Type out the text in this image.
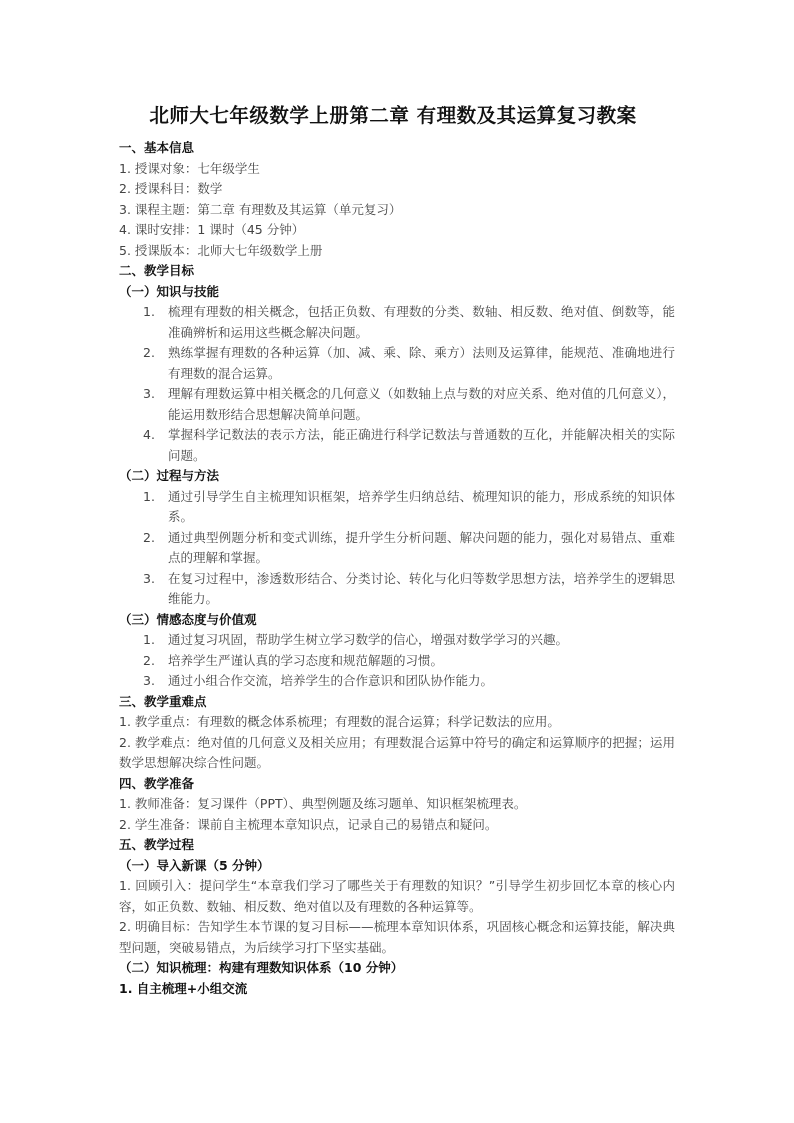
北师大七年级数学上册第二章 有理数及其运算复习教案
一、基本信息
1. 授课对象：七年级学生
2. 授课科目：数学
3. 课程主题：第二章 有理数及其运算（单元复习）
4. 课时安排：1 课时（45 分钟）
5. 授课版本：北师大七年级数学上册
二、教学目标
（一）知识与技能
1.	梳理有理数的相关概念，包括正负数、有理数的分类、数轴、相反数、绝对值、倒数等，能准确辨析和运用这些概念解决问题。
2.	熟练掌握有理数的各种运算（加、减、乘、除、乘方）法则及运算律，能规范、准确地进行有理数的混合运算。
3.	理解有理数运算中相关概念的几何意义（如数轴上点与数的对应关系、绝对值的几何意义），能运用数形结合思想解决简单问题。
4.	掌握科学记数法的表示方法，能正确进行科学记数法与普通数的互化，并能解决相关的实际问题。
（二）过程与方法
1.	通过引导学生自主梳理知识框架，培养学生归纳总结、梳理知识的能力，形成系统的知识体系。
2.	通过典型例题分析和变式训练，提升学生分析问题、解决问题的能力，强化对易错点、重难点的理解和掌握。
3.	在复习过程中，渗透数形结合、分类讨论、转化与化归等数学思想方法，培养学生的逻辑思维能力。
（三）情感态度与价值观
1.	通过复习巩固，帮助学生树立学习数学的信心，增强对数学学习的兴趣。
2.	培养学生严谨认真的学习态度和规范解题的习惯。
3.	通过小组合作交流，培养学生的合作意识和团队协作能力。
三、教学重难点
1. 教学重点：有理数的概念体系梳理；有理数的混合运算；科学记数法的应用。
2. 教学难点：绝对值的几何意义及相关应用；有理数混合运算中符号的确定和运算顺序的把握；运用数学思想解决综合性问题。
四、教学准备
1. 教师准备：复习课件（PPT）、典型例题及练习题单、知识框架梳理表。
2. 学生准备：课前自主梳理本章知识点，记录自己的易错点和疑问。
五、教学过程
（一）导入新课（5 分钟）
1. 回顾引入：提问学生“本章我们学习了哪些关于有理数的知识？”引导学生初步回忆本章的核心内容，如正负数、数轴、相反数、绝对值以及有理数的各种运算等。
2. 明确目标：告知学生本节课的复习目标——梳理本章知识体系，巩固核心概念和运算技能，解决典型问题，突破易错点，为后续学习打下坚实基础。
（二）知识梳理：构建有理数知识体系（10 分钟）
1. 自主梳理+小组交流
